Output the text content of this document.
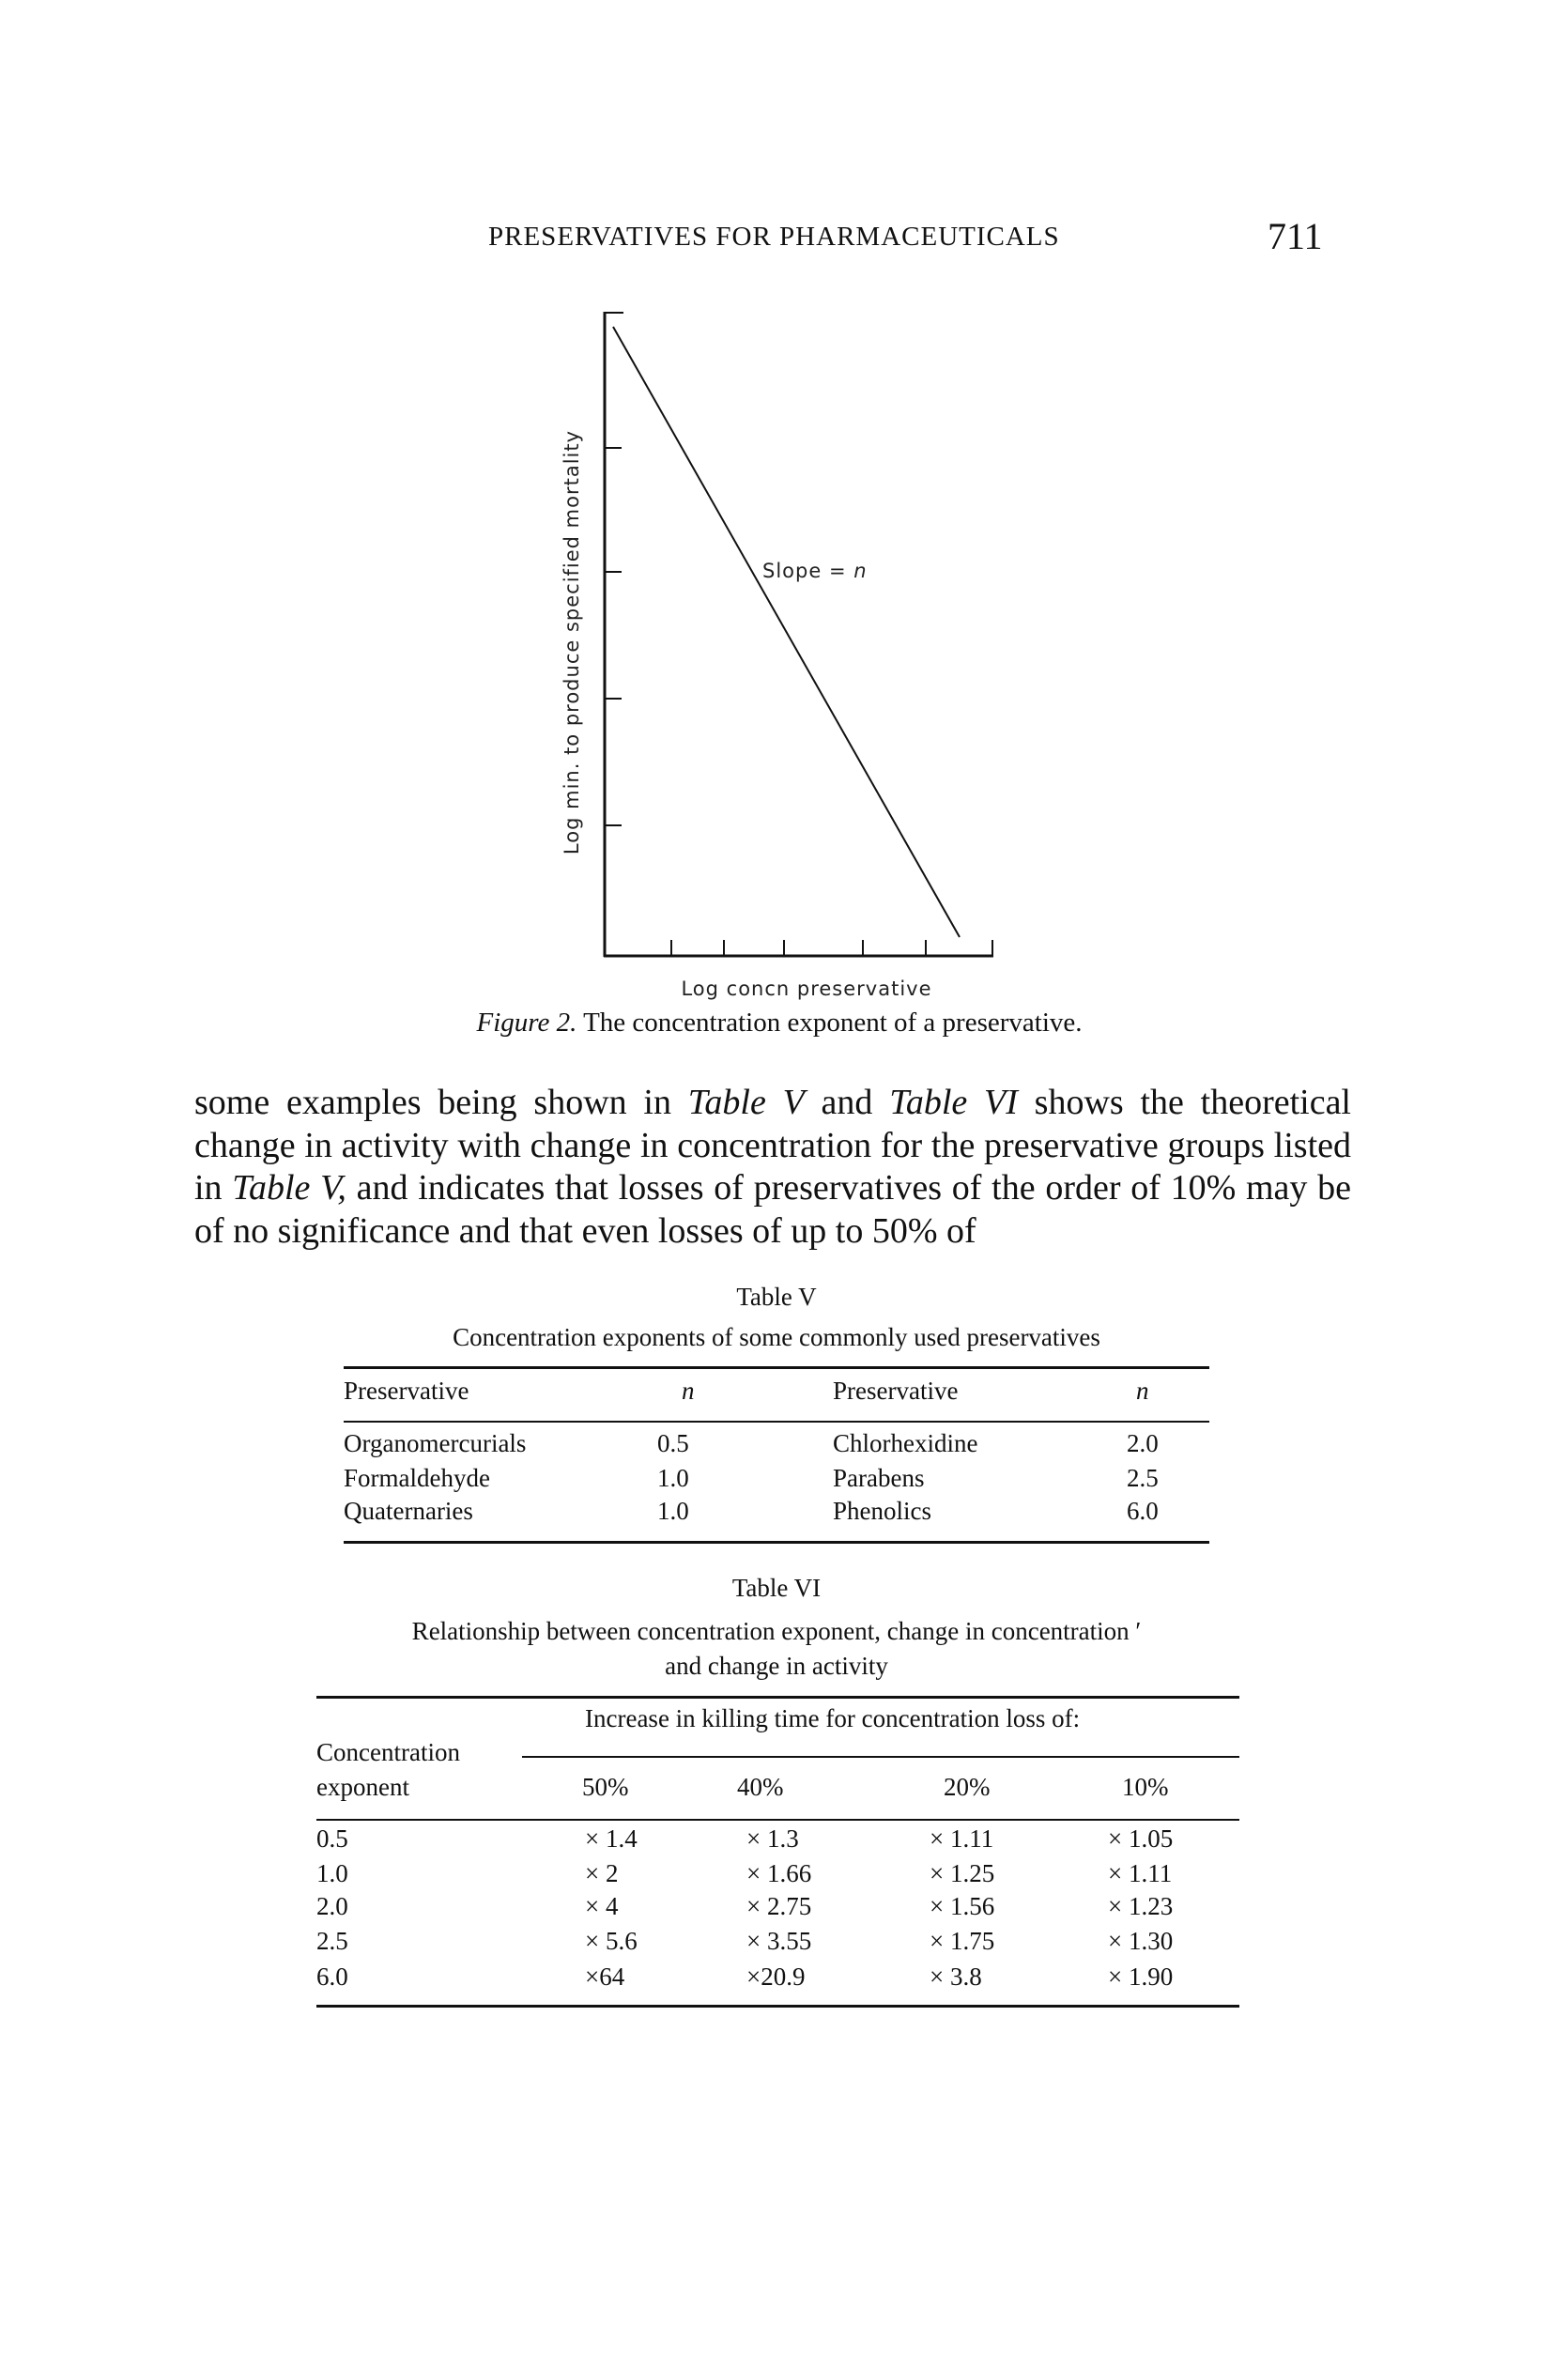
PRESERVATIVES FOR PHARMACEUTICALS	711
Slope = n
Log min. to produce specified mortality
Log concn preservative
Figure 2. The concentration exponent of a preservative.
some examples being shown in Table V and Table VI shows the theoretical change in activity with change in concentration for the preservative groups listed in Table V, and indicates that losses of preservatives of the order of 10% may be of no significance and that even losses of up to 50% of
Table V
Concentration exponents of some commonly used preservatives
Preservative	n	Preservative	n
Organomercurials	0.5	Chlorhexidine	2.0
Formaldehyde	1.0	Parabens	2.5
Quaternaries	1.0	Phenolics	6.0
Table VI
Relationship between concentration exponent, change in concentration ′
and change in activity
Increase in killing time for concentration loss of:
Concentration
exponent	50%	40%	20%	10%
0.5	× 1.4	× 1.3	× 1.11	× 1.05
1.0	× 2	× 1.66	× 1.25	× 1.11
2.0	× 4	× 2.75	× 1.56	× 1.23
2.5	× 5.6	× 3.55	× 1.75	× 1.30
6.0	×64	×20.9	× 3.8	× 1.90
